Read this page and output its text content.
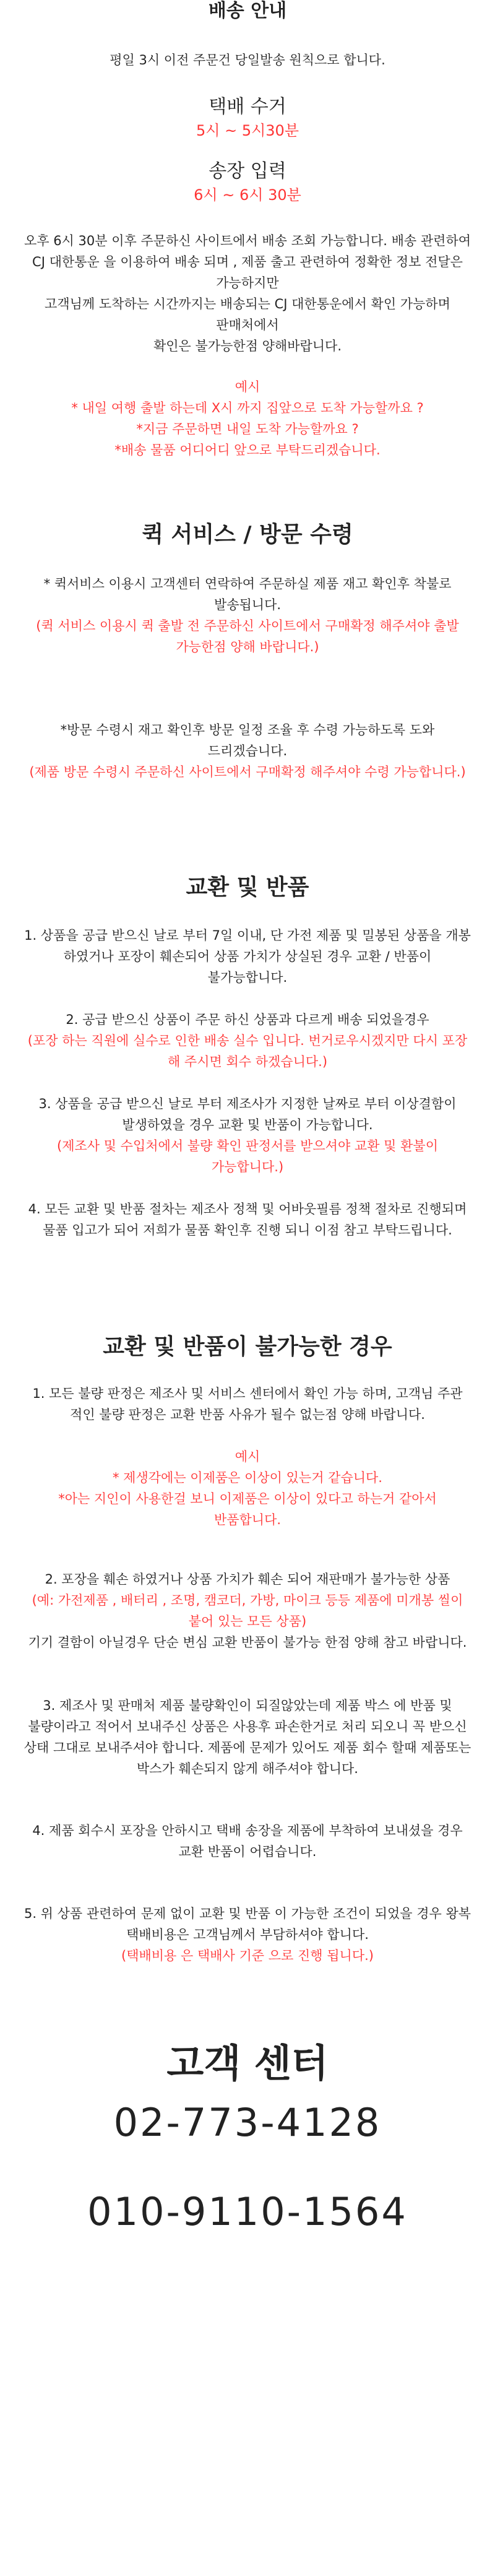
배송 안내
평일 3시 이전 주문건 당일발송 원칙으로 합니다.
택배 수거
5시 ~ 5시30분
송장 입력
6시 ~ 6시 30분
오후 6시 30분 이후 주문하신 사이트에서 배송 조회 가능합니다. 배송 관련하여
CJ 대한통운 을 이용하여 배송 되며 , 제품 출고 관련하여 정확한 정보 전달은
가능하지만
고객님께 도착하는 시간까지는 배송되는 CJ 대한통운에서 확인 가능하며
판매처에서
확인은 불가능한점 양해바랍니다.
예시
* 내일 여행 출발 하는데 X시 까지 집앞으로 도착 가능할까요 ?
*지금 주문하면 내일 도착 가능할까요 ?
*배송 물품 어디어디 앞으로 부탁드리겠습니다.
퀵 서비스 / 방문 수령
* 퀵서비스 이용시 고객센터 연락하여 주문하실 제품 재고 확인후 착불로
발송됩니다.
(퀵 서비스 이용시 퀵 출발 전 주문하신 사이트에서 구매확정 해주셔야 출발
가능한점 양해 바랍니다.)
*방문 수령시 재고 확인후 방문 일정 조율 후 수령 가능하도록 도와
드리겠습니다.
(제품 방문 수령시 주문하신 사이트에서 구매확정 해주셔야 수령 가능합니다.)
교환 및 반품
1. 상품을 공급 받으신 날로 부터 7일 이내, 단 가전 제품 및 밀봉된 상품을 개봉
하였거나 포장이 훼손되어 상품 가치가 상실된 경우 교환 / 반품이
불가능합니다.
2. 공급 받으신 상품이 주문 하신 상품과 다르게 배송 되었을경우
(포장 하는 직원에 실수로 인한 배송 실수 입니다. 번거로우시겠지만 다시 포장
해 주시면 회수 하겠습니다.)
3. 상품을 공급 받으신 날로 부터 제조사가 지정한 날짜로 부터 이상결함이
발생하였을 경우 교환 및 반품이 가능합니다.
(제조사 및 수입처에서 불량 확인 판정서를 받으셔야 교환 및 환불이
가능합니다.)
4. 모든 교환 및 반품 절차는 제조사 정책 및 어바웃필름 정책 절차로 진행되며
물품 입고가 되어 저희가 물품 확인후 진행 되니 이점 참고 부탁드립니다.
교환 및 반품이 불가능한 경우
1. 모든 불량 판정은 제조사 및 서비스 센터에서 확인 가능 하며, 고객님 주관
적인 불량 판정은 교환 반품 사유가 될수 없는점 양해 바랍니다.
예시
* 제생각에는 이제품은 이상이 있는거 같습니다.
*아는 지인이 사용한걸 보니 이제품은 이상이 있다고 하는거 같아서
반품합니다.
2. 포장을 훼손 하였거나 상품 가치가 훼손 되어 재판매가 불가능한 상품
(예: 가전제품 , 배터리 , 조명, 캠코더, 가방, 마이크 등등 제품에 미개봉 씰이
붙어 있는 모든 상품)
기기 결함이 아닐경우 단순 변심 교환 반품이 불가능 한점 양해 참고 바랍니다.
3. 제조사 및 판매처 제품 불량확인이 되질않았는데 제품 박스 에 반품 및
불량이라고 적어서 보내주신 상품은 사용후 파손한거로 처리 되오니 꼭 받으신
상태 그대로 보내주셔야 합니다. 제품에 문제가 있어도 제품 회수 할때 제품또는
박스가 훼손되지 않게 해주셔야 합니다.
4. 제품 회수시 포장을 안하시고 택배 송장을 제품에 부착하여 보내셨을 경우
교환 반품이 어렵습니다.
5. 위 상품 관련하여 문제 없이 교환 및 반품 이 가능한 조건이 되었을 경우 왕복
택배비용은 고객님께서 부담하셔야 합니다.
(택배비용 은 택배사 기준 으로 진행 됩니다.)
고객 센터
02-773-4128
010-9110-1564
